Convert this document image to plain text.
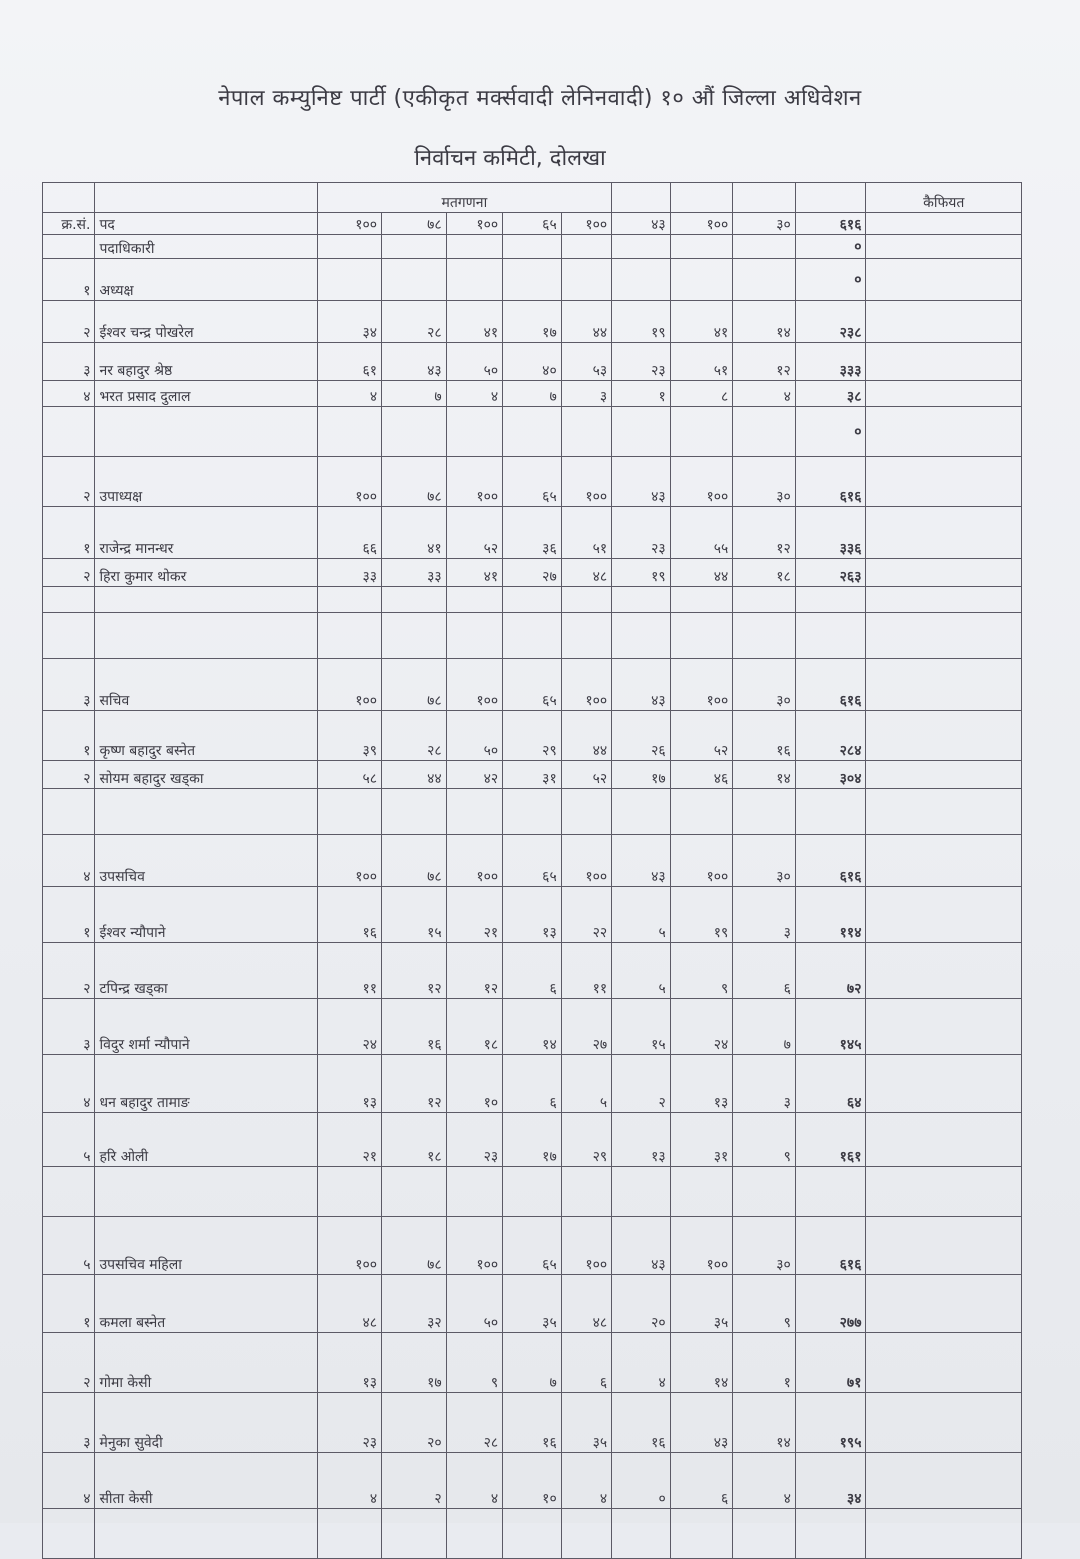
नेपाल कम्युनिष्ट पार्टी (एकीकृत मर्क्सवादी लेनिनवादी) १० औं जिल्ला अधिवेशन
निर्वाचन कमिटी, दोलखा
		मतगणना									कैफियत
क्र.सं.	पद	१००	७८	१००	६५	१००	४३	१००	३०	६१६	
	पदाधिकारी									०	
१	अध्यक्ष									०	
२	ईश्वर चन्द्र पोखरेल	३४	२८	४१	१७	४४	१९	४१	१४	२३८	
३	नर बहादुर श्रेष्ठ	६१	४३	५०	४०	५३	२३	५१	१२	३३३	
४	भरत प्रसाद दुलाल	४	७	४	७	३	१	८	४	३८	
										०	
२	उपाध्यक्ष	१००	७८	१००	६५	१००	४३	१००	३०	६१६	
१	राजेन्द्र मानन्धर	६६	४१	५२	३६	५१	२३	५५	१२	३३६	
२	हिरा कुमार थोकर	३३	३३	४१	२७	४८	१९	४४	१८	२६३	

३	सचिव	१००	७८	१००	६५	१००	४३	१००	३०	६१६	
१	कृष्ण बहादुर बस्नेत	३९	२८	५०	२९	४४	२६	५२	१६	२८४	
२	सोयम बहादुर खड्का	५८	४४	४२	३१	५२	१७	४६	१४	३०४	

४	उपसचिव	१००	७८	१००	६५	१००	४३	१००	३०	६१६	
१	ईश्वर न्यौपाने	१६	१५	२१	१३	२२	५	१९	३	११४	
२	टपिन्द्र खड्का	११	१२	१२	६	११	५	९	६	७२	
३	विदुर शर्मा न्यौपाने	२४	१६	१८	१४	२७	१५	२४	७	१४५	
४	धन बहादुर तामाङ	१३	१२	१०	६	५	२	१३	३	६४	
५	हरि ओली	२१	१८	२३	१७	२९	१३	३१	९	१६१	

५	उपसचिव महिला	१००	७८	१००	६५	१००	४३	१००	३०	६१६	
१	कमला बस्नेत	४८	३२	५०	३५	४८	२०	३५	९	२७७	
२	गोमा केसी	१३	१७	९	७	६	४	१४	१	७१	
३	मेनुका सुवेदी	२३	२०	२८	१६	३५	१६	४३	१४	१९५	
४	सीता केसी	४	२	४	१०	४	०	६	४	३४	
